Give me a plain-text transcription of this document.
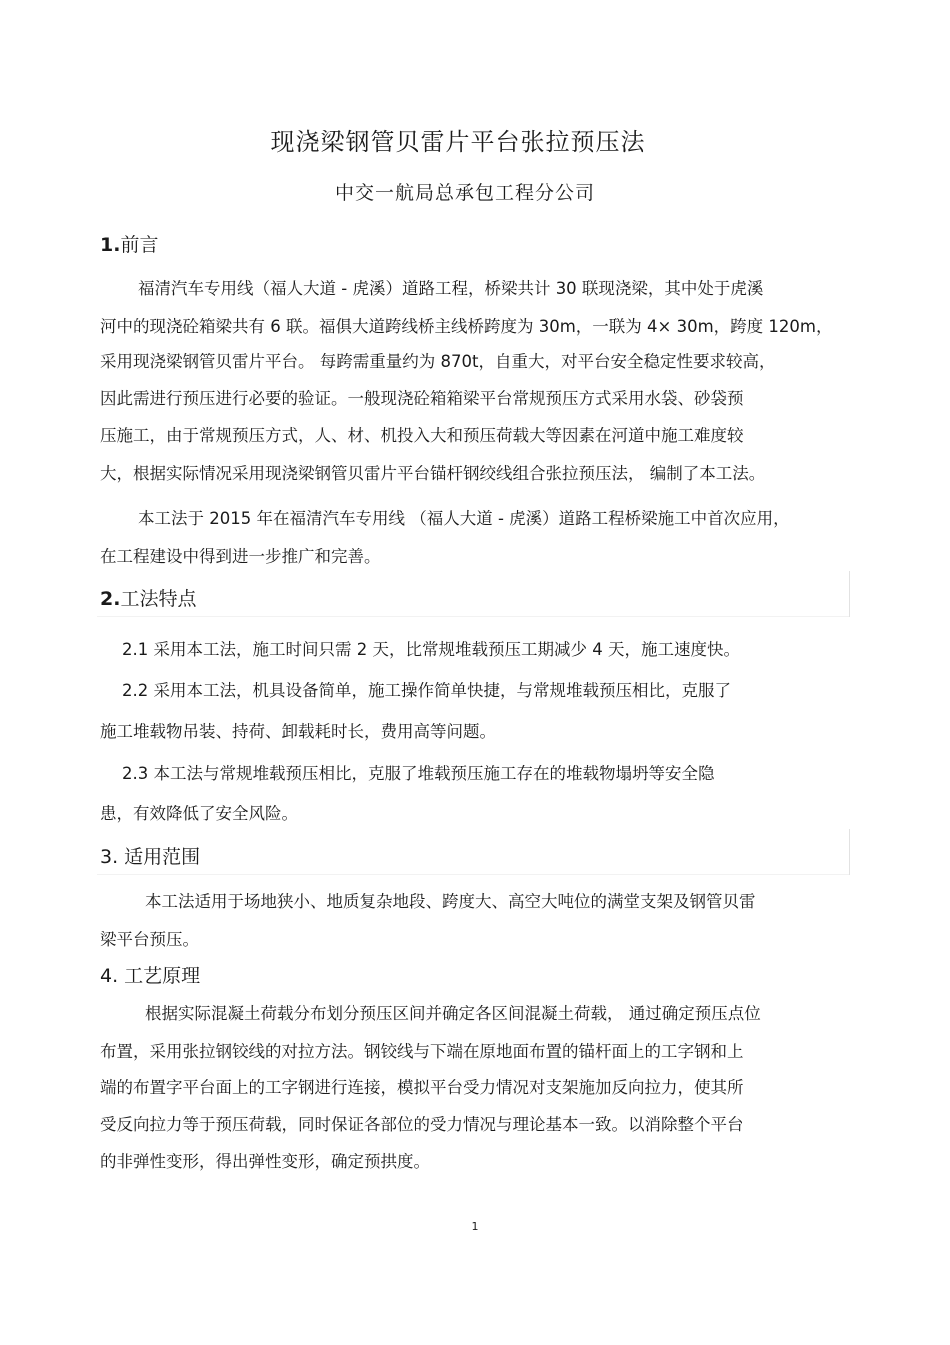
现浇梁钢管贝雷片平台张拉预压法
中交一航局总承包工程分公司
1.前言
福清汽车专用线（福人大道 - 虎溪）道路工程，桥梁共计 30 联现浇梁，其中处于虎溪
河中的现浇砼箱梁共有 6 联。福俱大道跨线桥主线桥跨度为 30m，一联为 4× 30m，跨度 120m，
采用现浇梁钢管贝雷片平台。 每跨需重量约为 870t，自重大，对平台安全稳定性要求较高，
因此需进行预压进行必要的验证。一般现浇砼箱箱梁平台常规预压方式采用水袋、砂袋预
压施工，由于常规预压方式，人、材、机投入大和预压荷载大等因素在河道中施工难度较
大，根据实际情况采用现浇梁钢管贝雷片平台锚杆钢绞线组合张拉预压法， 编制了本工法。
本工法于 2015 年在福清汽车专用线 （福人大道 - 虎溪）道路工程桥梁施工中首次应用，
在工程建设中得到进一步推广和完善。
2.工法特点
2.1 采用本工法，施工时间只需 2 天，比常规堆载预压工期减少 4 天，施工速度快。
2.2 采用本工法，机具设备简单，施工操作简单快捷，与常规堆载预压相比，克服了
施工堆载物吊装、持荷、卸载耗时长，费用高等问题。
2.3 本工法与常规堆载预压相比，克服了堆载预压施工存在的堆载物塌坍等安全隐
患，有效降低了安全风险。
3. 适用范围
本工法适用于场地狭小、地质复杂地段、跨度大、高空大吨位的满堂支架及钢管贝雷
梁平台预压。
4. 工艺原理
根据实际混凝土荷载分布划分预压区间并确定各区间混凝土荷载， 通过确定预压点位
布置，采用张拉钢铰线的对拉方法。钢铰线与下端在原地面布置的锚杆面上的工字钢和上
端的布置字平台面上的工字钢进行连接，模拟平台受力情况对支架施加反向拉力，使其所
受反向拉力等于预压荷载，同时保证各部位的受力情况与理论基本一致。以消除整个平台
的非弹性变形，得出弹性变形，确定预拱度。
1
